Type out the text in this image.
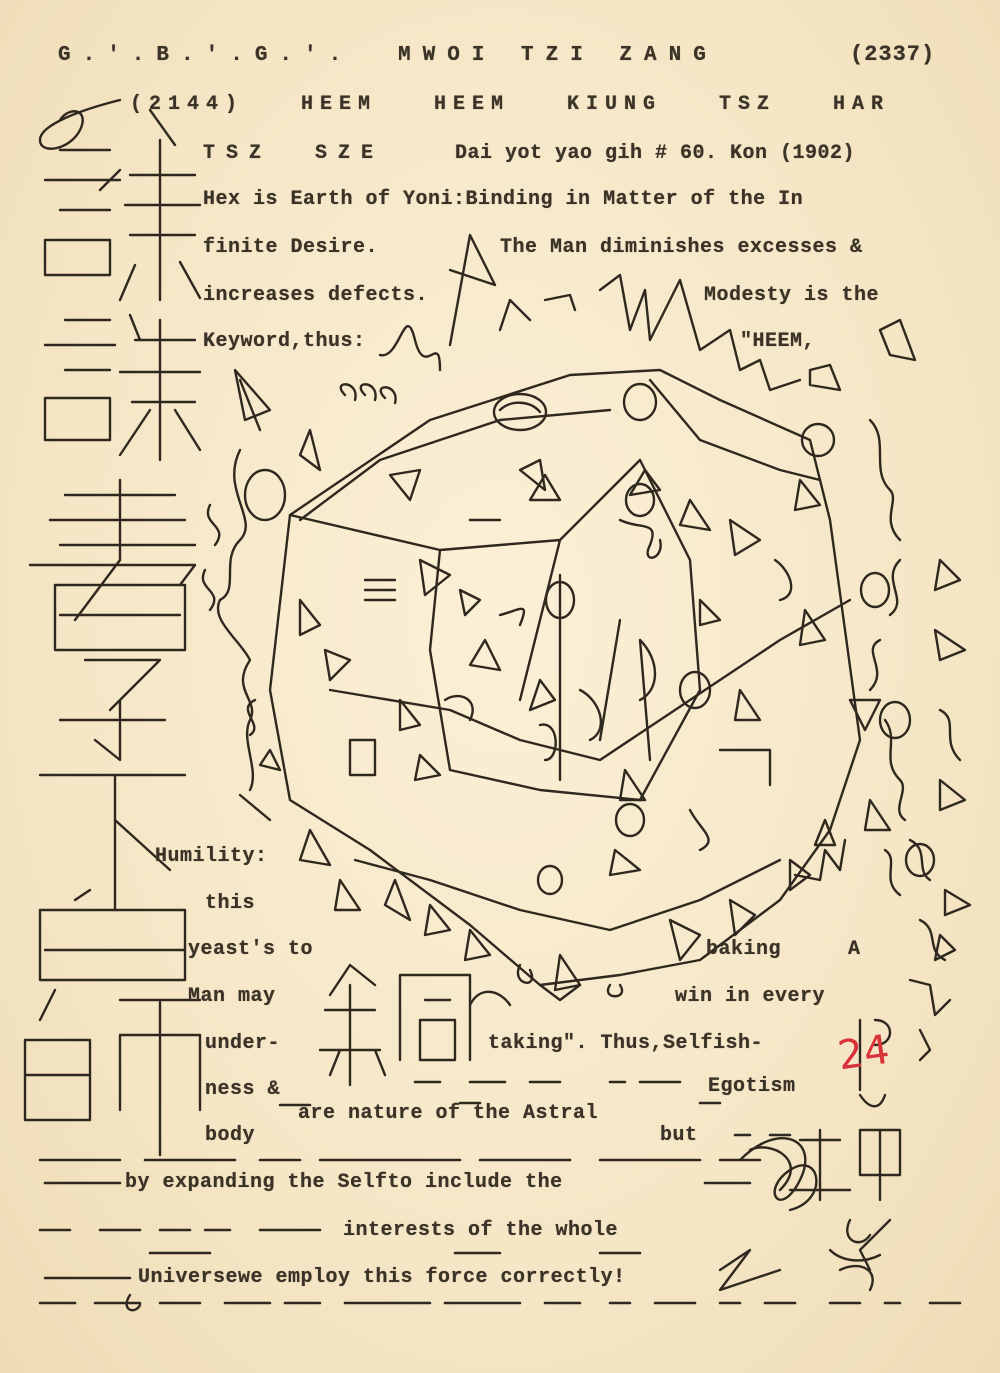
G.'.B.'.G.'. MWOI TZI ZANG	(2337)
(2144) HEEM HEEM KIUNG TSZ HAR
TSZ SZE	Dai yot yao gih # 60. Kon (1902)
Hex is Earth of Yoni:Binding in Matter of the In
finite Desire.	The Man diminishes excesses &
increases defects.	Modesty is the
Keyword,thus:	"HEEM,
Humility:
this
yeast's to	baking	A
Man may	win in every
under-	taking". Thus,Selfish-
ness &	Egotism
are nature of the Astral
body	but
by expanding the Selfto include the
interests of the whole
Universewe employ this force correctly!
24
